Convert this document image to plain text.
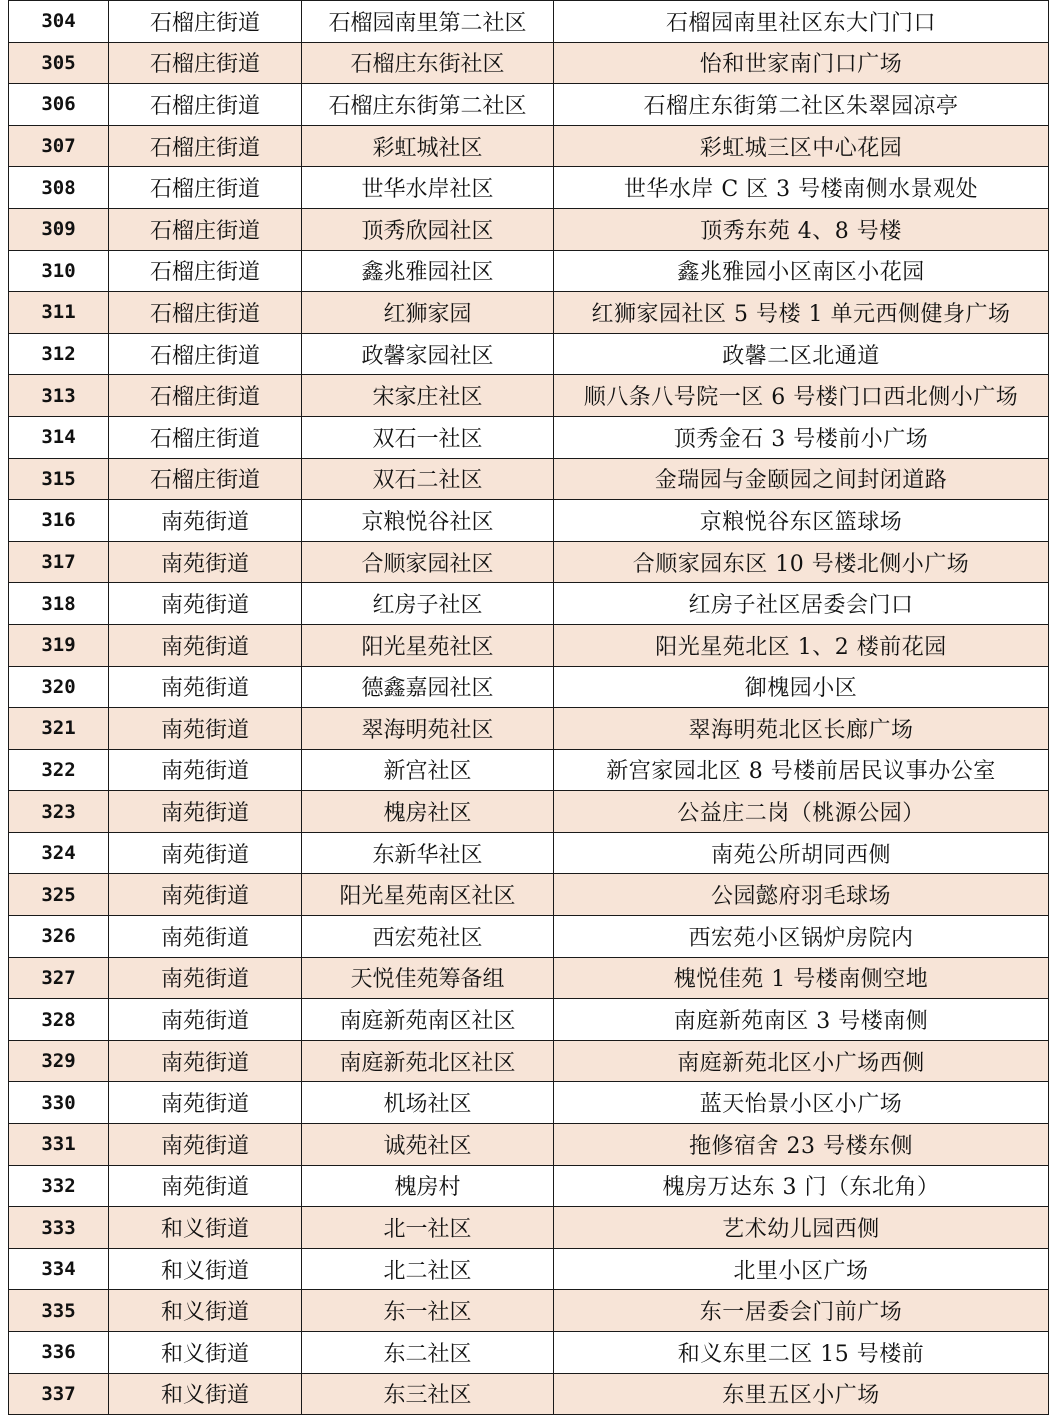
304	石榴庄街道	石榴园南里第二社区	石榴园南里社区东大门门口
305	石榴庄街道	石榴庄东街社区	怡和世家南门口广场
306	石榴庄街道	石榴庄东街第二社区	石榴庄东街第二社区朱翠园凉亭
307	石榴庄街道	彩虹城社区	彩虹城三区中心花园
308	石榴庄街道	世华水岸社区	世华水岸 C 区 3 号楼南侧水景观处
309	石榴庄街道	顶秀欣园社区	顶秀东苑 4、8 号楼
310	石榴庄街道	鑫兆雅园社区	鑫兆雅园小区南区小花园
311	石榴庄街道	红狮家园	红狮家园社区 5 号楼 1 单元西侧健身广场
312	石榴庄街道	政馨家园社区	政馨二区北通道
313	石榴庄街道	宋家庄社区	顺八条八号院一区 6 号楼门口西北侧小广场
314	石榴庄街道	双石一社区	顶秀金石 3 号楼前小广场
315	石榴庄街道	双石二社区	金瑞园与金颐园之间封闭道路
316	南苑街道	京粮悦谷社区	京粮悦谷东区篮球场
317	南苑街道	合顺家园社区	合顺家园东区 10 号楼北侧小广场
318	南苑街道	红房子社区	红房子社区居委会门口
319	南苑街道	阳光星苑社区	阳光星苑北区 1、2 楼前花园
320	南苑街道	德鑫嘉园社区	御槐园小区
321	南苑街道	翠海明苑社区	翠海明苑北区长廊广场
322	南苑街道	新宫社区	新宫家园北区 8 号楼前居民议事办公室
323	南苑街道	槐房社区	公益庄二岗（桃源公园）
324	南苑街道	东新华社区	南苑公所胡同西侧
325	南苑街道	阳光星苑南区社区	公园懿府羽毛球场
326	南苑街道	西宏苑社区	西宏苑小区锅炉房院内
327	南苑街道	天悦佳苑筹备组	槐悦佳苑 1 号楼南侧空地
328	南苑街道	南庭新苑南区社区	南庭新苑南区 3 号楼南侧
329	南苑街道	南庭新苑北区社区	南庭新苑北区小广场西侧
330	南苑街道	机场社区	蓝天怡景小区小广场
331	南苑街道	诚苑社区	拖修宿舍 23 号楼东侧
332	南苑街道	槐房村	槐房万达东 3 门（东北角）
333	和义街道	北一社区	艺术幼儿园西侧
334	和义街道	北二社区	北里小区广场
335	和义街道	东一社区	东一居委会门前广场
336	和义街道	东二社区	和义东里二区 15 号楼前
337	和义街道	东三社区	东里五区小广场
